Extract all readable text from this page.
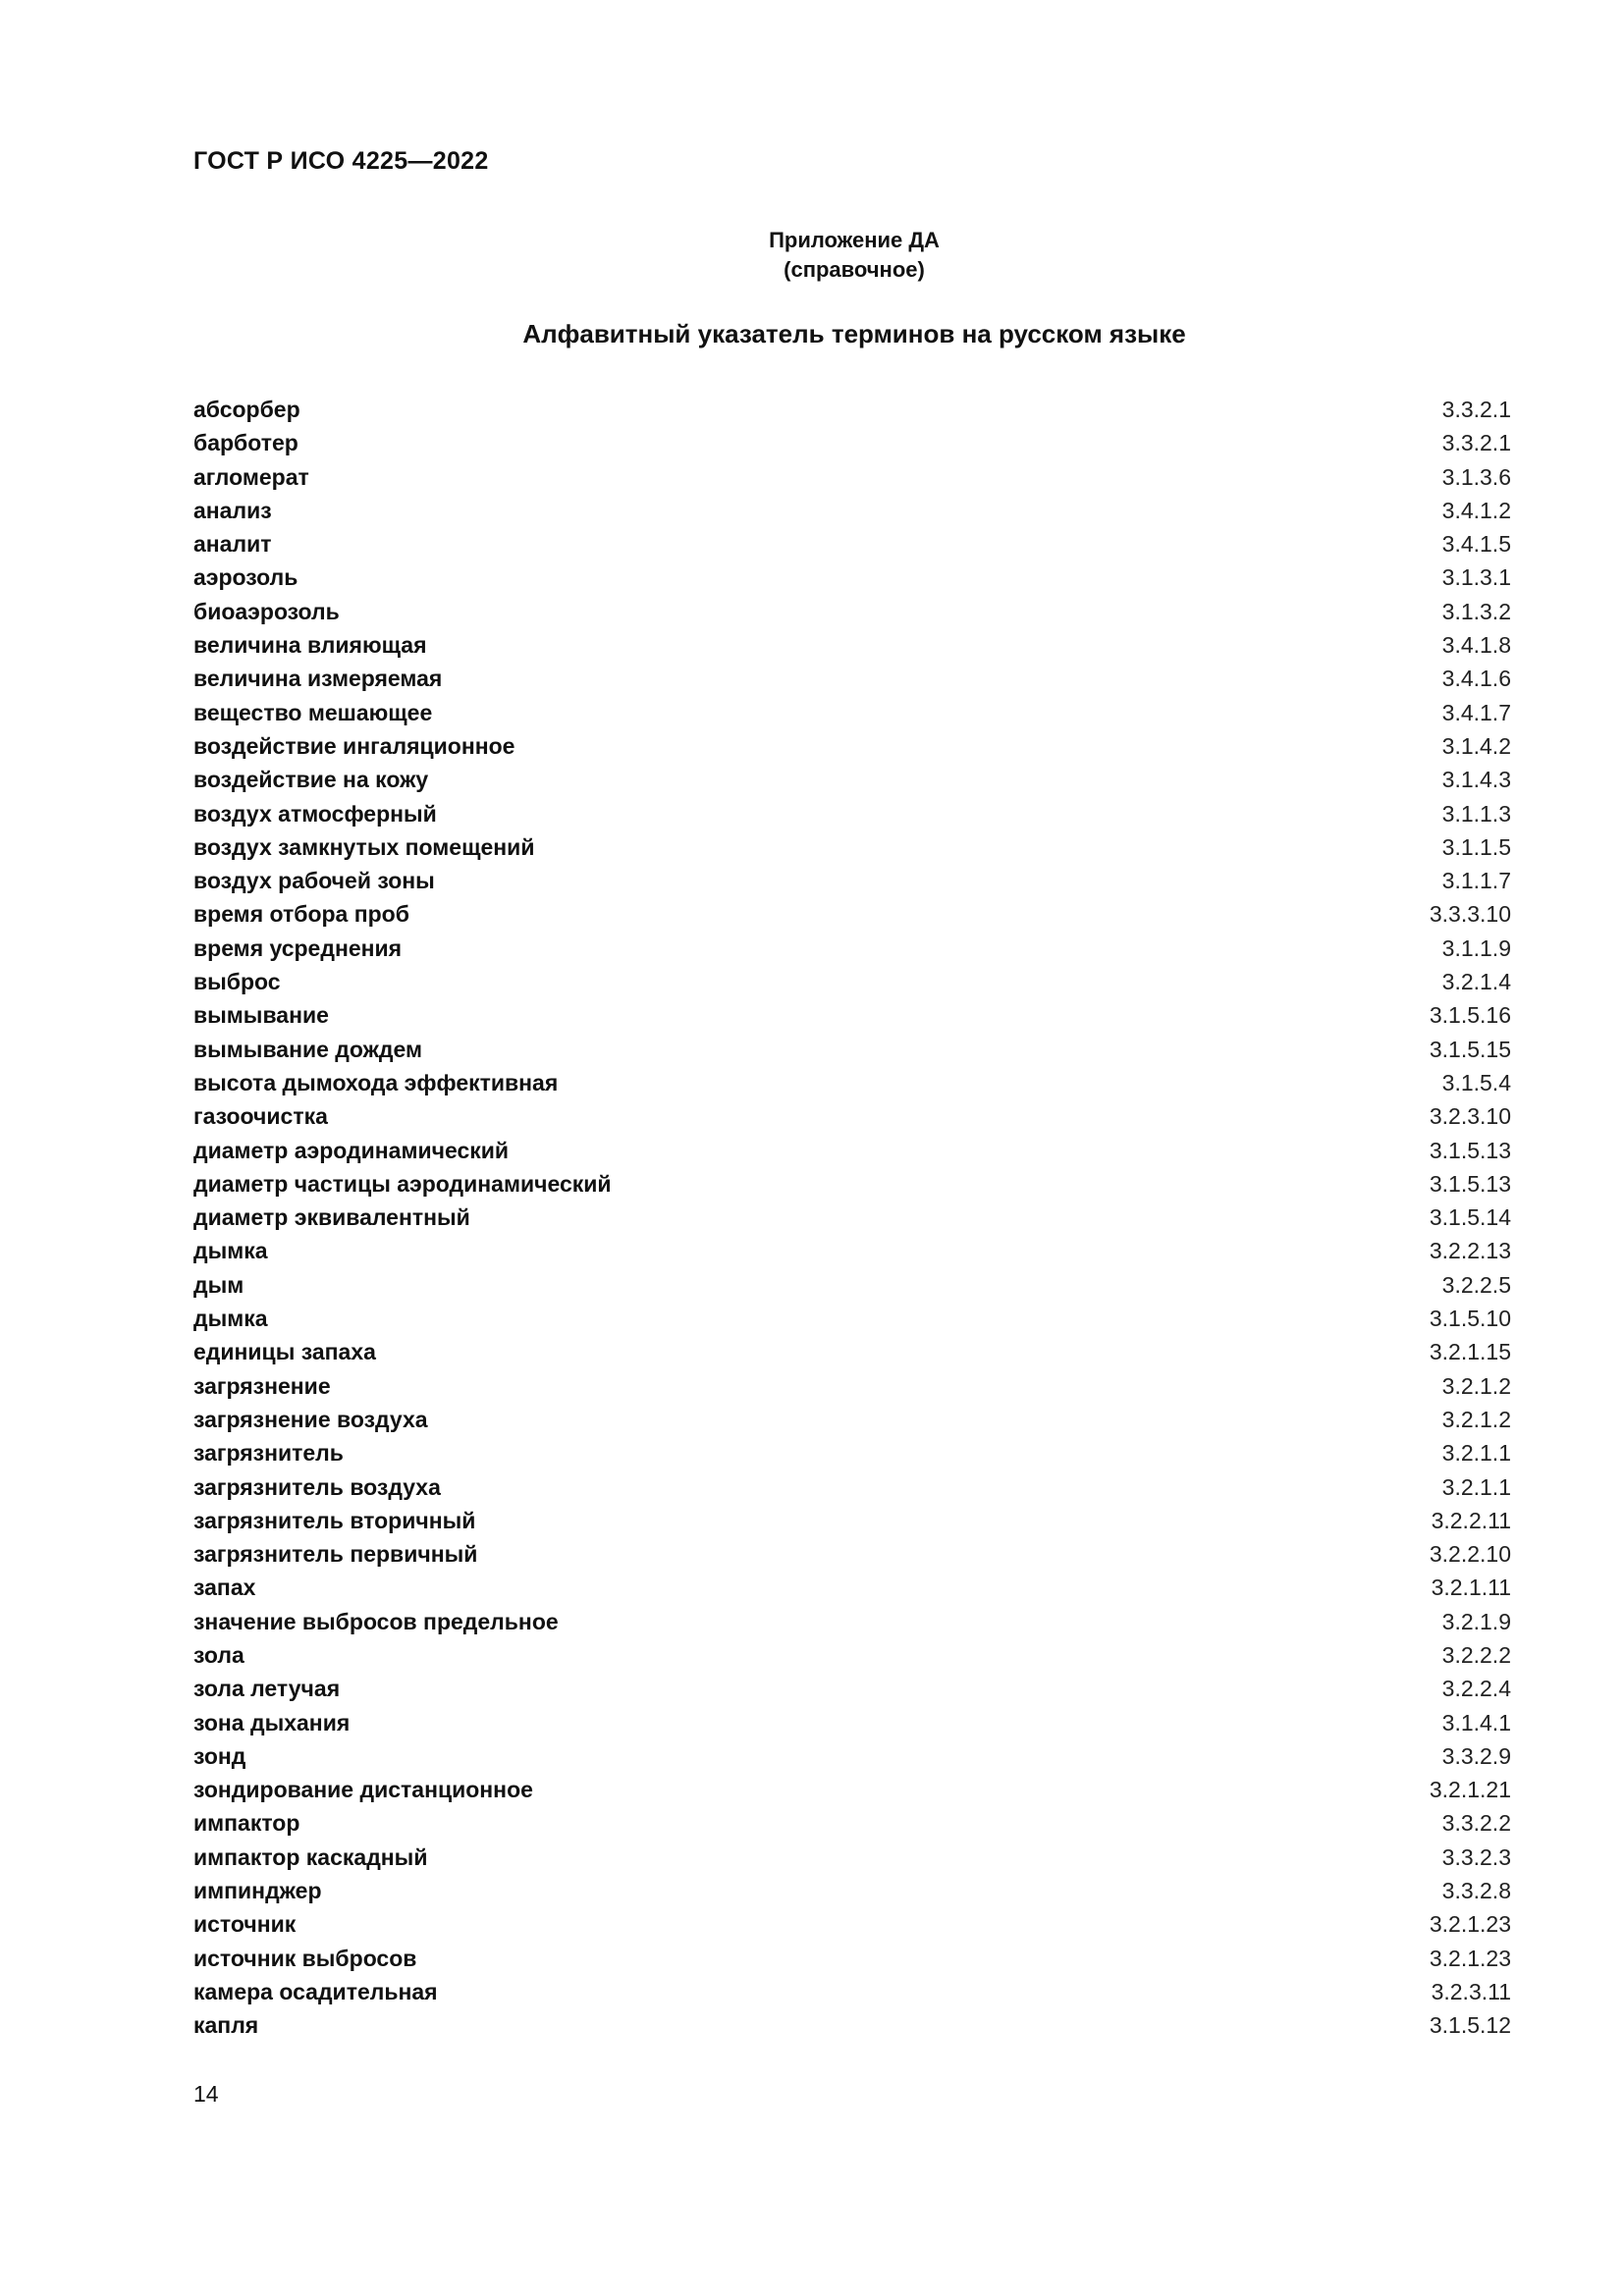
ГОСТ Р ИСО 4225—2022
Приложение ДА
(справочное)
Алфавитный указатель терминов на русском языке
абсорбер	3.3.2.1
барботер	3.3.2.1
агломерат	3.1.3.6
анализ	3.4.1.2
аналит	3.4.1.5
аэрозоль	3.1.3.1
биоаэрозоль	3.1.3.2
величина влияющая	3.4.1.8
величина измеряемая	3.4.1.6
вещество мешающее	3.4.1.7
воздействие ингаляционное	3.1.4.2
воздействие на кожу	3.1.4.3
воздух атмосферный	3.1.1.3
воздух замкнутых помещений	3.1.1.5
воздух рабочей зоны	3.1.1.7
время отбора проб	3.3.3.10
время усреднения	3.1.1.9
выброс	3.2.1.4
вымывание	3.1.5.16
вымывание дождем	3.1.5.15
высота дымохода эффективная	3.1.5.4
газоочистка	3.2.3.10
диаметр аэродинамический	3.1.5.13
диаметр частицы аэродинамический	3.1.5.13
диаметр эквивалентный	3.1.5.14
дымка	3.2.2.13
дым	3.2.2.5
дымка	3.1.5.10
единицы запаха	3.2.1.15
загрязнение	3.2.1.2
загрязнение воздуха	3.2.1.2
загрязнитель	3.2.1.1
загрязнитель воздуха	3.2.1.1
загрязнитель вторичный	3.2.2.11
загрязнитель первичный	3.2.2.10
запах	3.2.1.11
значение выбросов предельное	3.2.1.9
зола	3.2.2.2
зола летучая	3.2.2.4
зона дыхания	3.1.4.1
зонд	3.3.2.9
зондирование дистанционное	3.2.1.21
импактор	3.3.2.2
импактор каскадный	3.3.2.3
импинджер	3.3.2.8
источник	3.2.1.23
источник выбросов	3.2.1.23
камера осадительная	3.2.3.11
капля	3.1.5.12
14
